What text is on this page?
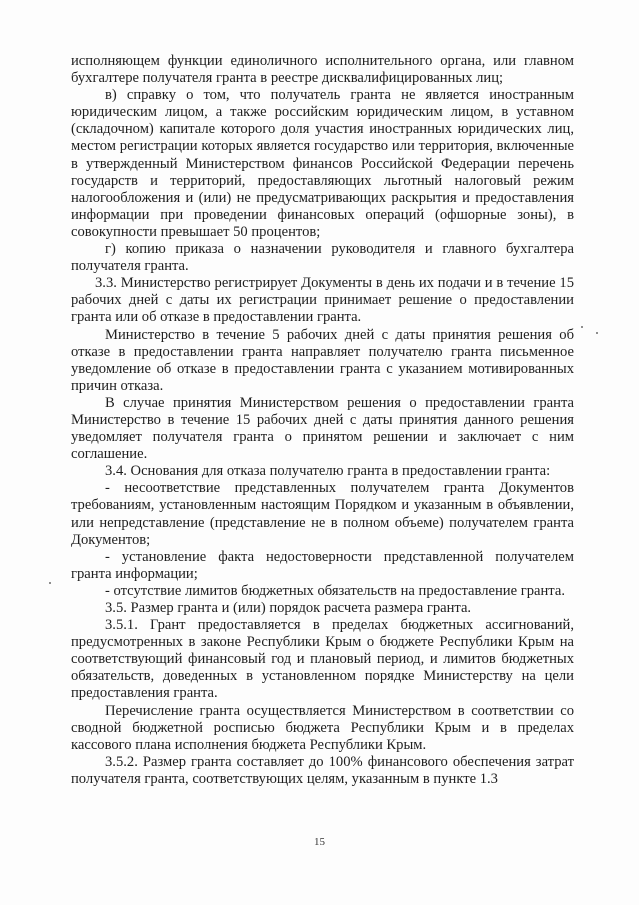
исполняющем функции единоличного исполнительного органа, или главном бухгалтере получателя гранта в реестре дисквалифицированных лиц;

в) справку о том, что получатель гранта не является иностранным юридическим лицом, а также российским юридическим лицом, в уставном (складочном) капитале которого доля участия иностранных юридических лиц, местом регистрации которых является государство или территория, включенные в утвержденный Министерством финансов Российской Федерации перечень государств и территорий, предоставляющих льготный налоговый режим налогообложения и (или) не предусматривающих раскрытия и предоставления информации при проведении финансовых операций (офшорные зоны), в совокупности превышает 50 процентов;

г) копию приказа о назначении руководителя и главного бухгалтера получателя гранта.

3.3. Министерство регистрирует Документы в день их подачи и в течение 15 рабочих дней с даты их регистрации принимает решение о предоставлении гранта или об отказе в предоставлении гранта.

Министерство в течение 5 рабочих дней с даты принятия решения об отказе в предоставлении гранта направляет получателю гранта письменное уведомление об отказе в предоставлении гранта с указанием мотивированных причин отказа.

В случае принятия Министерством решения о предоставлении гранта Министерство в течение 15 рабочих дней с даты принятия данного решения уведомляет получателя гранта о принятом решении и заключает с ним соглашение.

3.4. Основания для отказа получателю гранта в предоставлении гранта:

- несоответствие представленных получателем гранта Документов требованиям, установленным настоящим Порядком и указанным в объявлении, или непредставление (представление не в полном объеме) получателем гранта Документов;

- установление факта недостоверности представленной получателем гранта информации;

- отсутствие лимитов бюджетных обязательств на предоставление гранта.

3.5. Размер гранта и (или) порядок расчета размера гранта.

3.5.1. Грант предоставляется в пределах бюджетных ассигнований, предусмотренных в законе Республики Крым о бюджете Республики Крым на соответствующий финансовый год и плановый период, и лимитов бюджетных обязательств, доведенных в установленном порядке Министерству на цели предоставления гранта.

Перечисление гранта осуществляется Министерством в соответствии со сводной бюджетной росписью бюджета Республики Крым и в пределах кассового плана исполнения бюджета Республики Крым.

3.5.2. Размер гранта составляет до 100% финансового обеспечения затрат получателя гранта, соответствующих целям, указанным в пункте 1.3

15
